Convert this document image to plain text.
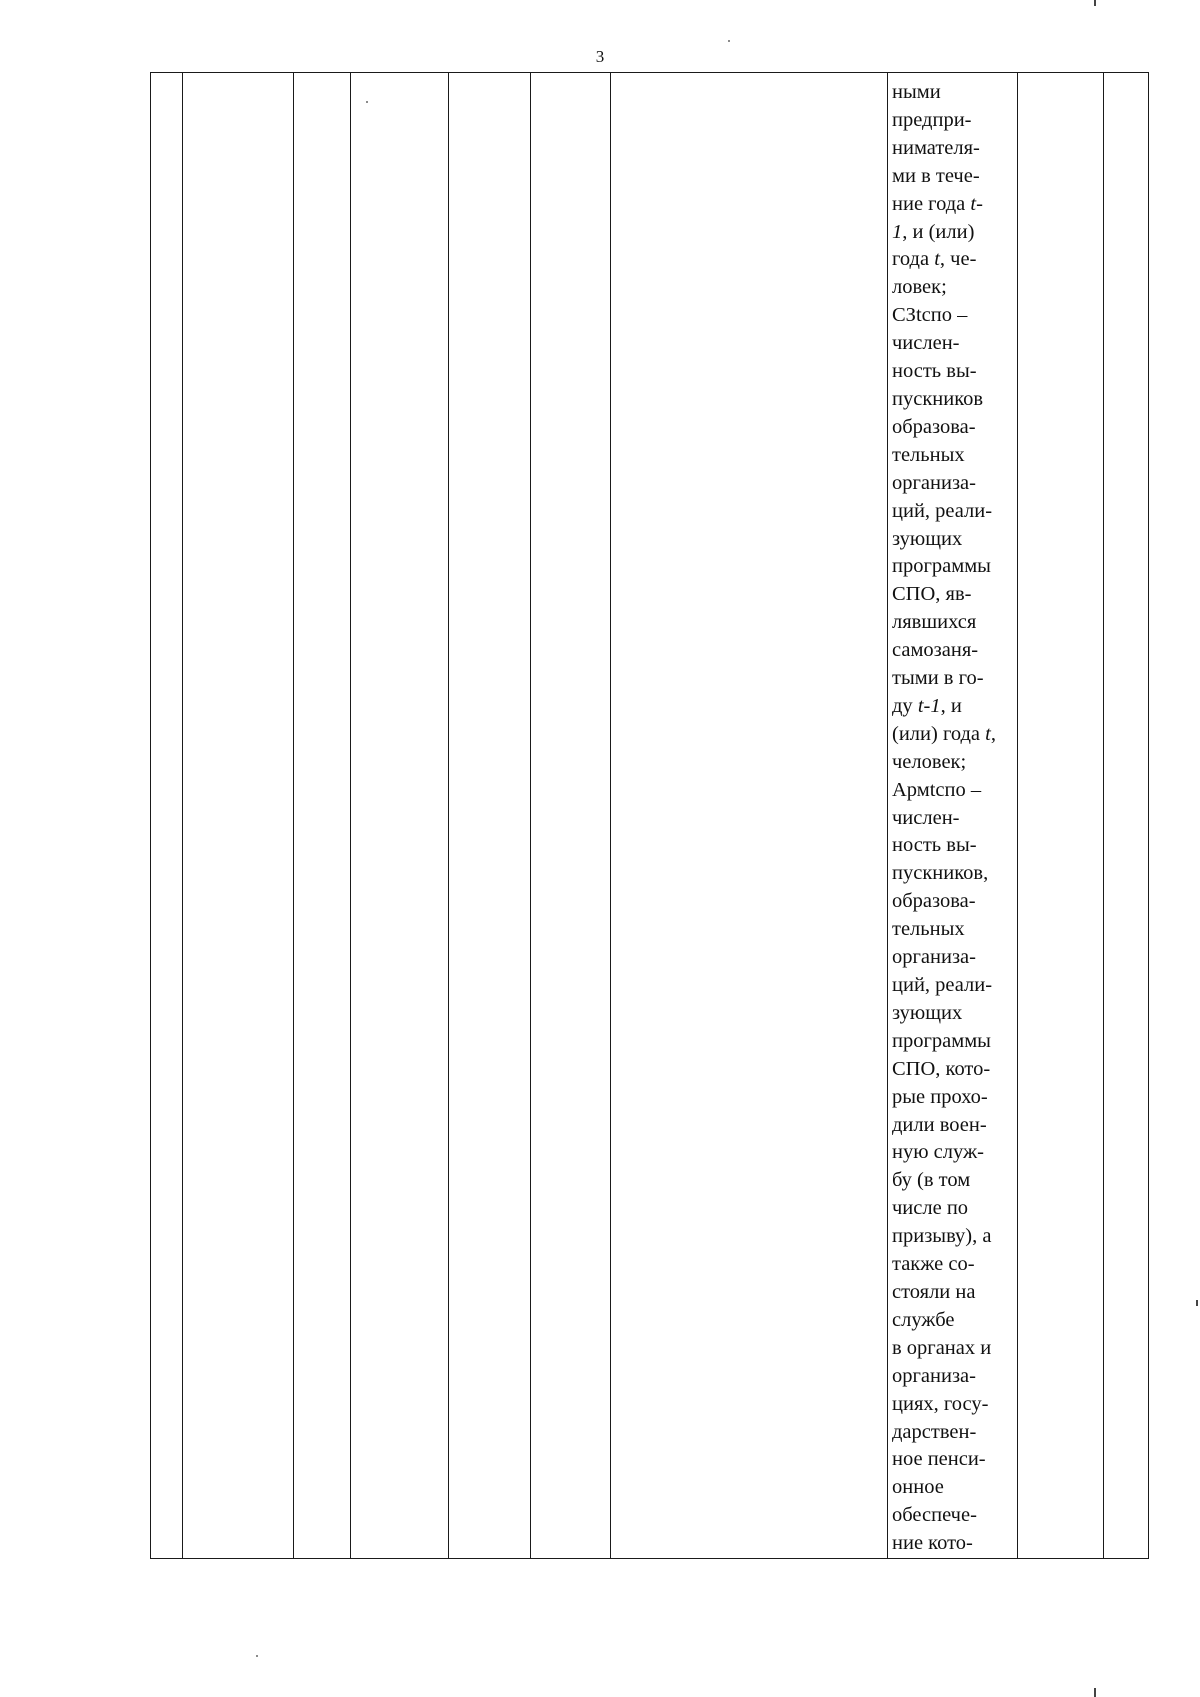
3

ными
предпри-
нимателя-
ми в тече-
ние года t-
1, и (или)
года t, че-
ловек;
СЗtспо –
числен-
ность вы-
пускников
образова-
тельных
организа-
ций, реали-
зующих
программы
СПО, яв-
лявшихся
самозаня-
тыми в го-
ду t-1, и
(или) года t,
человек;
Армtспо –
числен-
ность вы-
пускников,
образова-
тельных
организа-
ций, реали-
зующих
программы
СПО, кото-
рые прохо-
дили воен-
ную служ-
бу (в том
числе по
призыву), а
также со-
стояли на
службе
в органах и
организа-
циях, госу-
дарствен-
ное пенси-
онное
обеспече-
ние кото-
